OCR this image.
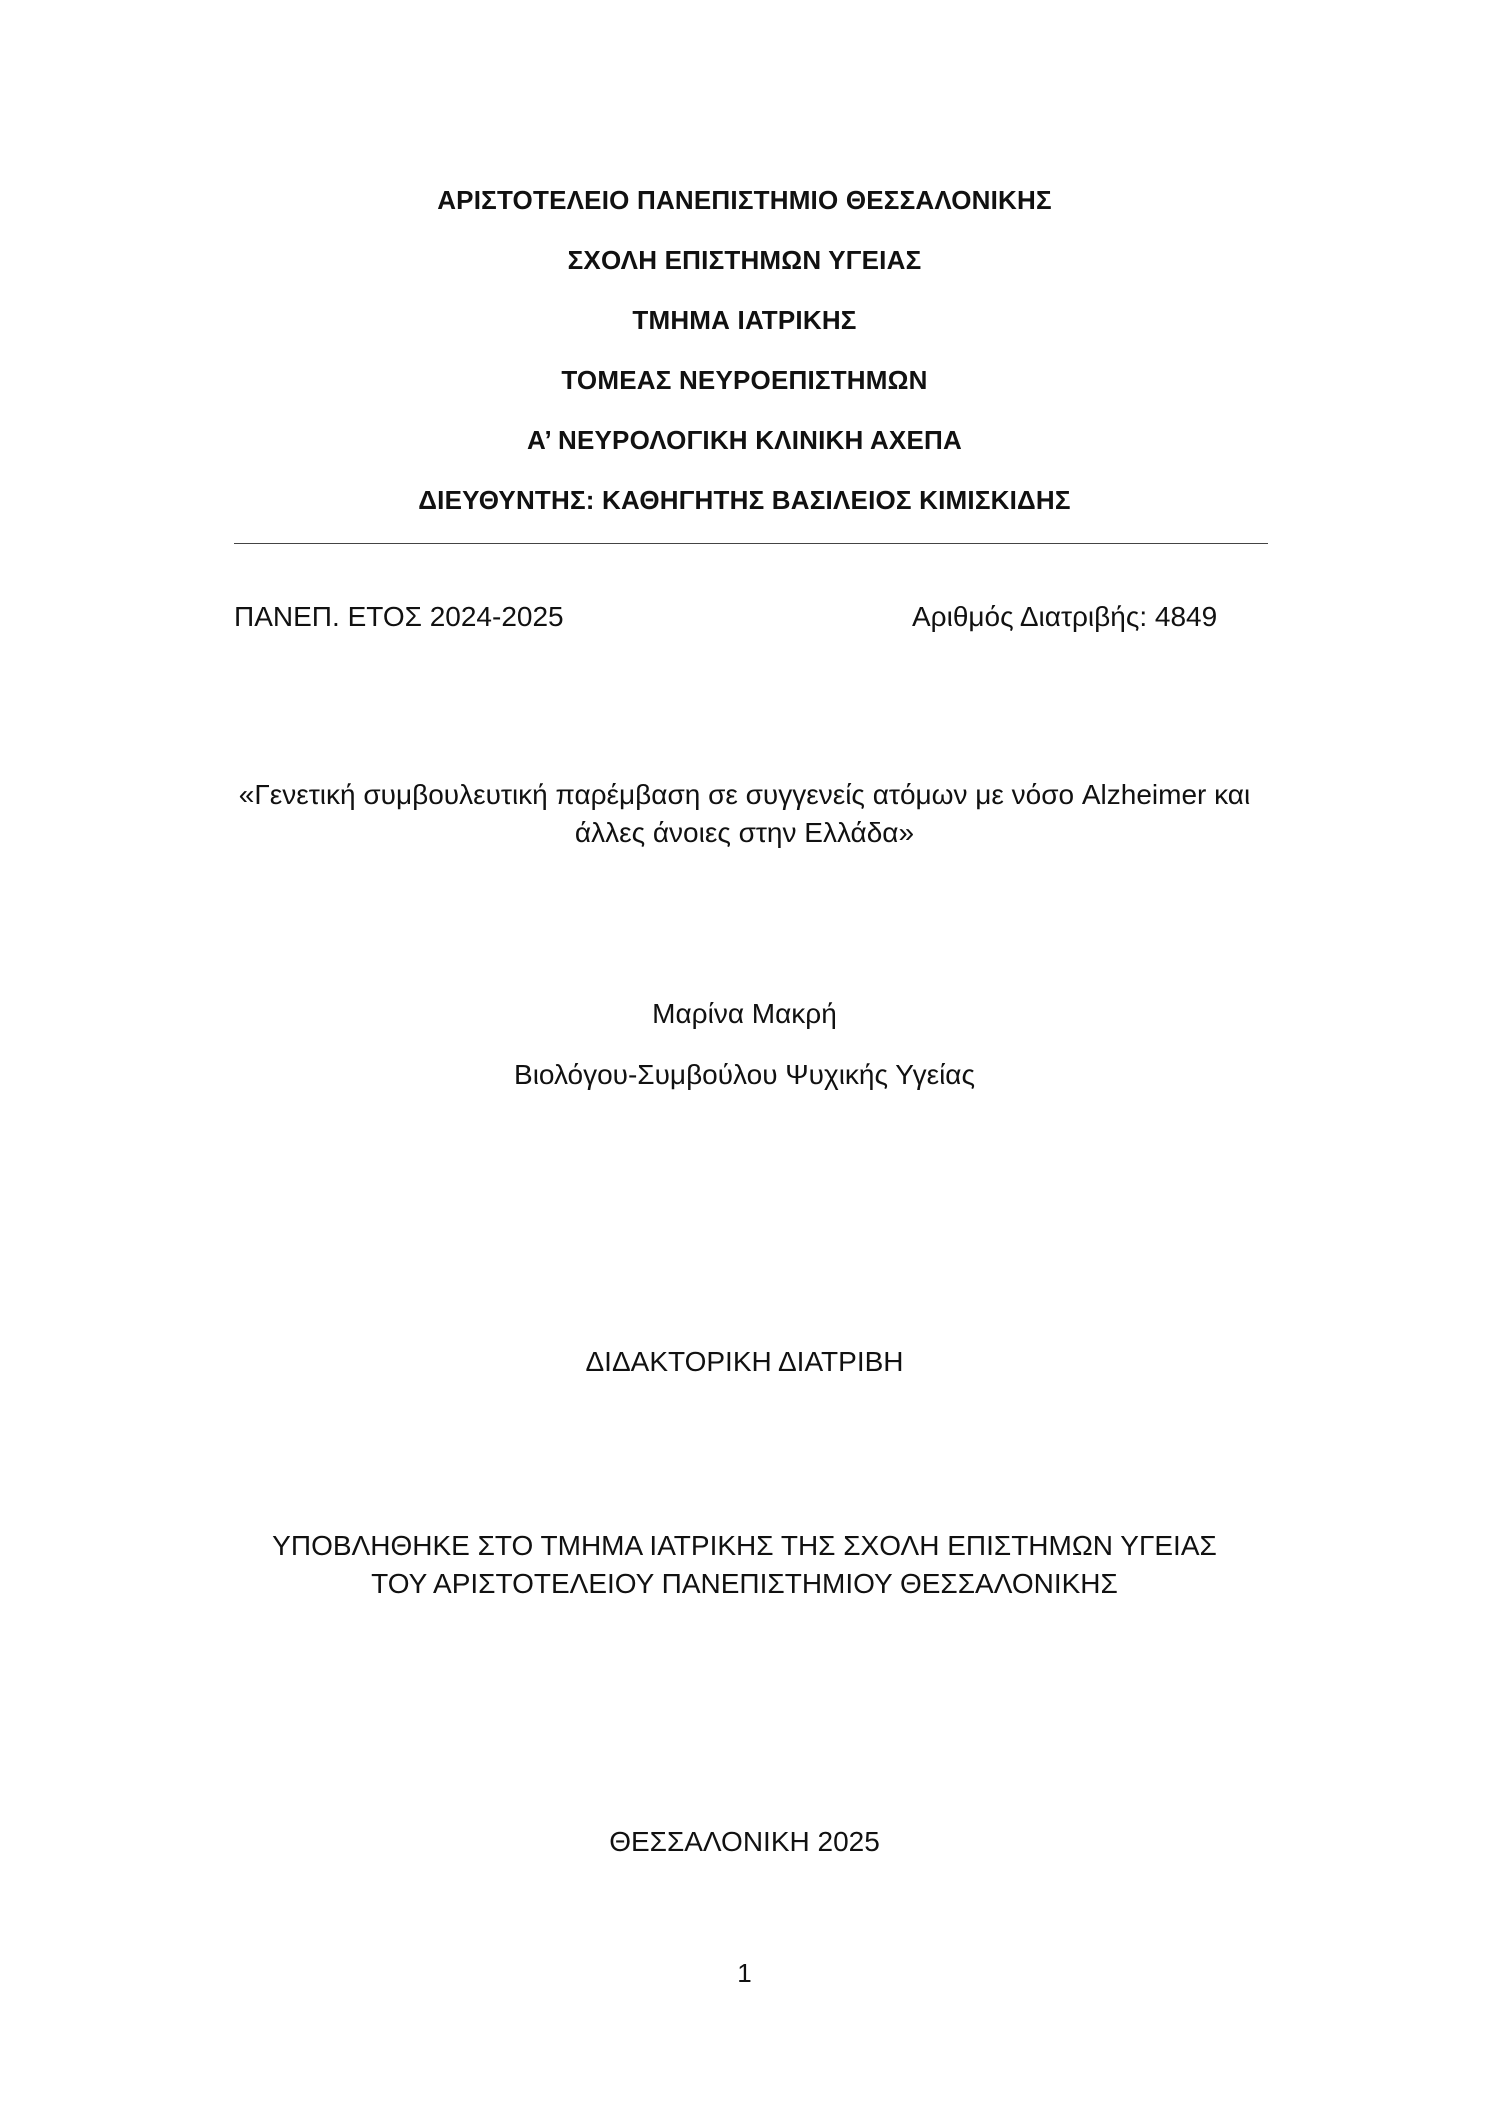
ΑΡΙΣΤΟΤΕΛΕΙΟ ΠΑΝΕΠΙΣΤΗΜΙΟ ΘΕΣΣΑΛΟΝΙΚΗΣ
ΣΧΟΛΗ ΕΠΙΣΤΗΜΩΝ ΥΓΕΙΑΣ
ΤΜΗΜΑ ΙΑΤΡΙΚΗΣ
ΤΟΜΕΑΣ ΝΕΥΡΟΕΠΙΣΤΗΜΩΝ
Α’ ΝΕΥΡΟΛΟΓΙΚΗ ΚΛΙΝΙΚΗ ΑΧΕΠΑ
ΔΙΕΥΘΥΝΤΗΣ: ΚΑΘΗΓΗΤΗΣ ΒΑΣΙΛΕΙΟΣ ΚΙΜΙΣΚΙΔΗΣ
ΠΑΝΕΠ. ΕΤΟΣ 2024-2025	Αριθμός Διατριβής: 4849
«Γενετική συμβουλευτική παρέμβαση σε συγγενείς ατόμων με νόσο Alzheimer και
άλλες άνοιες στην Ελλάδα»
Μαρίνα Μακρή
Βιολόγου-Συμβούλου Ψυχικής Υγείας
ΔΙΔΑΚΤΟΡΙΚΗ ΔΙΑΤΡΙΒΗ
ΥΠΟΒΛΗΘΗΚΕ ΣΤΟ ΤΜΗΜΑ ΙΑΤΡΙΚΗΣ ΤΗΣ ΣΧΟΛΗ ΕΠΙΣΤΗΜΩΝ ΥΓΕΙΑΣ
ΤΟΥ ΑΡΙΣΤΟΤΕΛΕΙΟΥ ΠΑΝΕΠΙΣΤΗΜΙΟΥ ΘΕΣΣΑΛΟΝΙΚΗΣ
ΘΕΣΣΑΛΟΝΙΚΗ 2025
1
